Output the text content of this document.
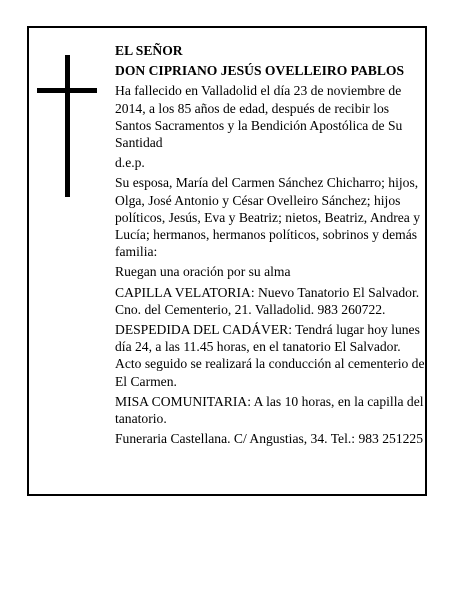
EL SEÑOR

DON CIPRIANO JESÚS OVELLEIRO PABLOS

Ha fallecido en Valladolid el día 23 de noviembre de 2014, a los 85 años de edad, después de recibir los Santos Sacramentos y la Bendición Apostólica de Su Santidad

d.e.p.

Su esposa, María del Carmen Sánchez Chicharro; hijos, Olga, José Antonio y César Ovelleiro Sánchez; hijos políticos, Jesús, Eva y Beatriz; nietos, Beatriz, Andrea y Lucía; hermanos, hermanos políticos, sobrinos y demás familia:

Ruegan una oración por su alma

CAPILLA VELATORIA: Nuevo Tanatorio El Salvador. Cno. del Cementerio, 21. Valladolid. 983 260722.

DESPEDIDA DEL CADÁVER: Tendrá lugar hoy lunes día 24, a las 11.45 horas, en el tanatorio El Salvador. Acto seguido se realizará la conducción al cementerio de El Carmen.

MISA COMUNITARIA: A las 10 horas, en la capilla del tanatorio.

Funeraria Castellana. C/ Angustias, 34. Tel.: 983 251225
